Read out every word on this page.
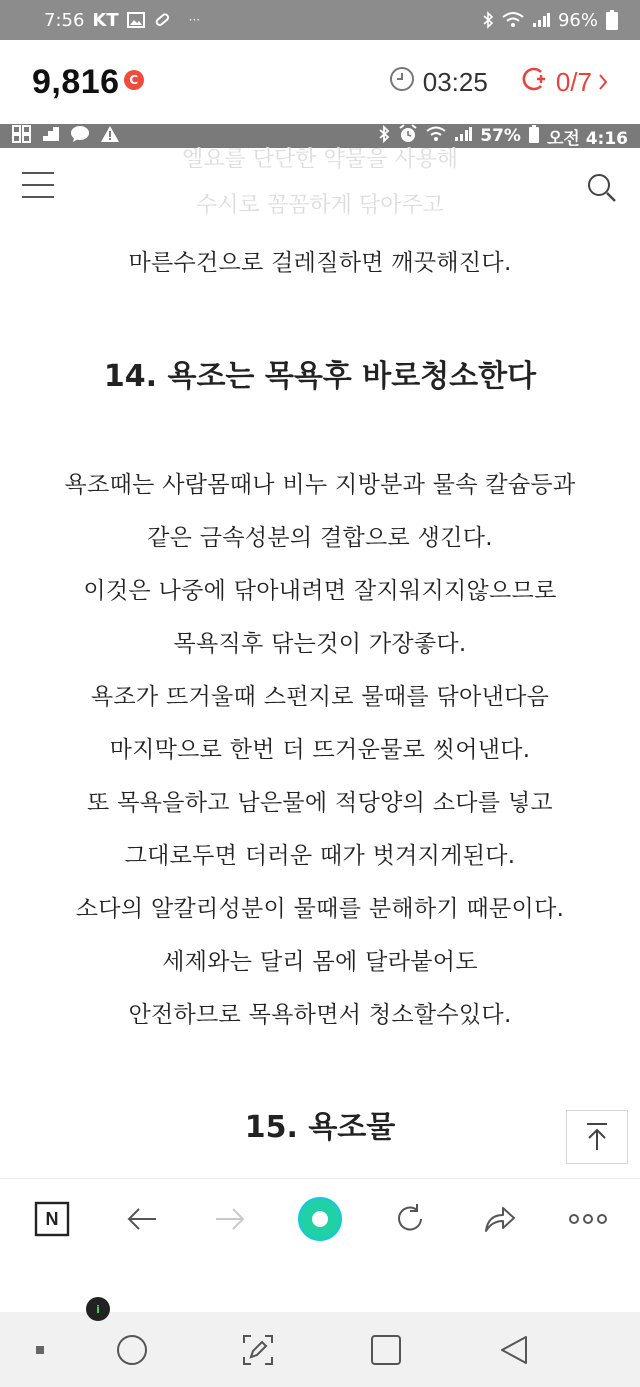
7:56 KT	···	96%
9,816 C	03:25	0/7
57% 오전 4:16
엘요를 단단한 약물을 사용해
수시로 꼼꼼하게 닦아주고
마른수건으로 걸레질하면 깨끗해진다.
14. 욕조는 목욕후 바로청소한다
욕조때는 사람몸때나 비누 지방분과 물속 칼슘등과
같은 금속성분의 결합으로 생긴다.
이것은 나중에 닦아내려면 잘지워지지않으므로
목욕직후 닦는것이 가장좋다.
욕조가 뜨거울때 스펀지로 물때를 닦아낸다음
마지막으로 한번 더 뜨거운물로 씻어낸다.
또 목욕을하고 남은물에 적당양의 소다를 넣고
그대로두면 더러운 때가 벗겨지게된다.
소다의 알칼리성분이 물때를 분해하기 때문이다.
세제와는 달리 몸에 달라붙어도
안전하므로 목욕하면서 청소할수있다.
15. 욕조물
N
i
